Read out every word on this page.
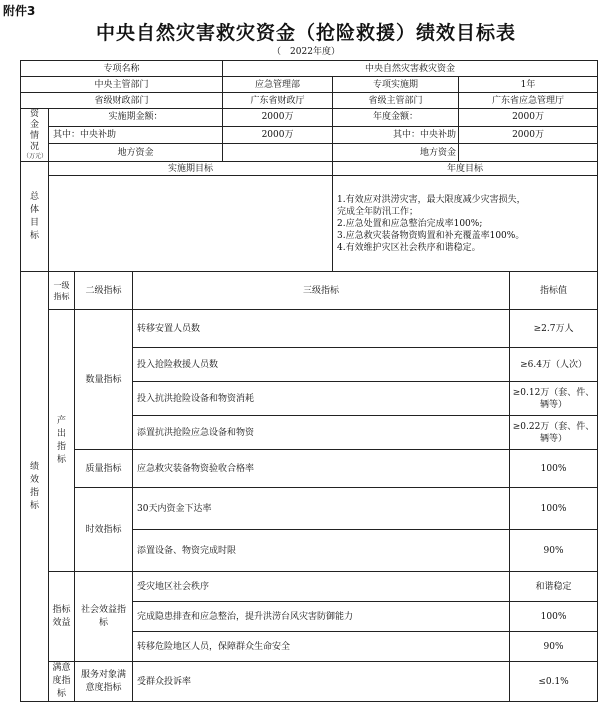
附件3
中央自然灾害救灾资金（抢险救援）绩效目标表
（　2022年度）
专项名称				中央自然灾害救灾资金			
中央主管部门				应急管理部	专项实施期	1年	
省级财政部门				广东省财政厅	省级主管部门	广东省应急管理厅	

资金情况
（万元）	实施期金额：			2000万	年度金额：	2000万	
	其中：中央补助			2000万	其中：中央补助	2000万	
	地方资金				地方资金		

总体目标	实施期目标				年度目标		

					1.有效应对洪涝灾害，最大限度减少灾害损失，
完成全年防汛工作；
2.应急处置和应急整治完成率100%;
3.应急救灾装备物资购置和补充覆盖率100%。
4.有效维护灾区社会秩序和谐稳定。		

绩效指标	一级指标	二级指标	三级指标				指标值

	产出指标	数量指标	转移安置人员数				≥2.7万人
			投入抢险救援人员数				≥6.4万（人次）
			投入抗洪抢险设备和物资消耗				≥0.12万（套、件、辆等）
			添置抗洪抢险应急设备和物资				≥0.22万（套、件、辆等）
		质量指标	应急救灾装备物资验收合格率				100%
		时效指标	30天内资金下达率				100%
			添置设备、物资完成时限				90%

	指标效益	社会效益指标	受灾地区社会秩序				和谐稳定
			完成隐患排查和应急整治，提升洪涝台风灾害防御能力				100%
			转移危险地区人员，保障群众生命安全				90%

	满意度指标	服务对象满意度指标	受群众投诉率				≤0.1%
